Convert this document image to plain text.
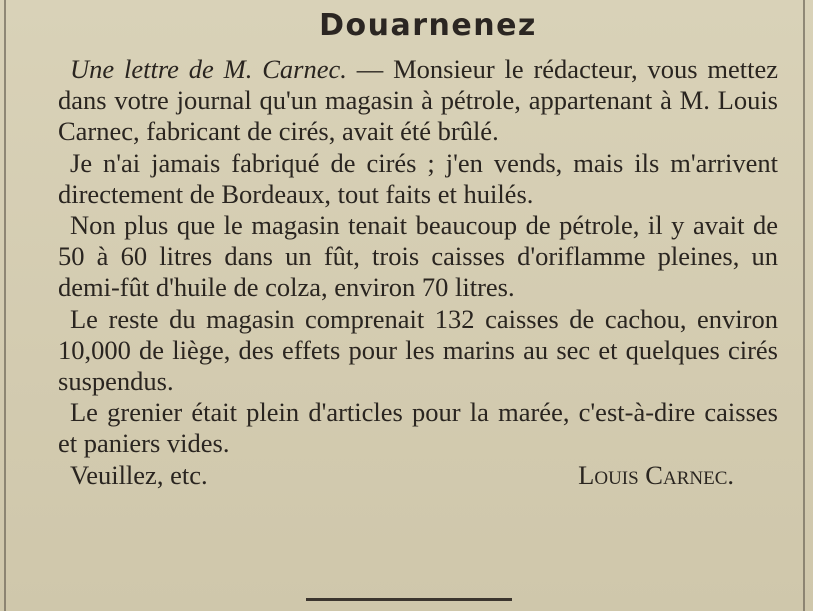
Douarnenez

Une lettre de M. Carnec. — Monsieur le rédacteur, vous mettez dans votre journal qu'un magasin à pétrole, appartenant à M. Louis Carnec, fabricant de cirés, avait été brûlé.

Je n'ai jamais fabriqué de cirés ; j'en vends, mais ils m'arrivent directement de Bordeaux, tout faits et huilés.

Non plus que le magasin tenait beaucoup de pétrole, il y avait de 50 à 60 litres dans un fût, trois caisses d'oriflamme pleines, un demi-fût d'huile de colza, environ 70 litres.

Le reste du magasin comprenait 132 caisses de cachou, environ 10,000 de liège, des effets pour les marins au sec et quelques cirés suspendus.

Le grenier était plein d'articles pour la marée, c'est-à-dire caisses et paniers vides.

Veuillez, etc.	Louis Carnec.
